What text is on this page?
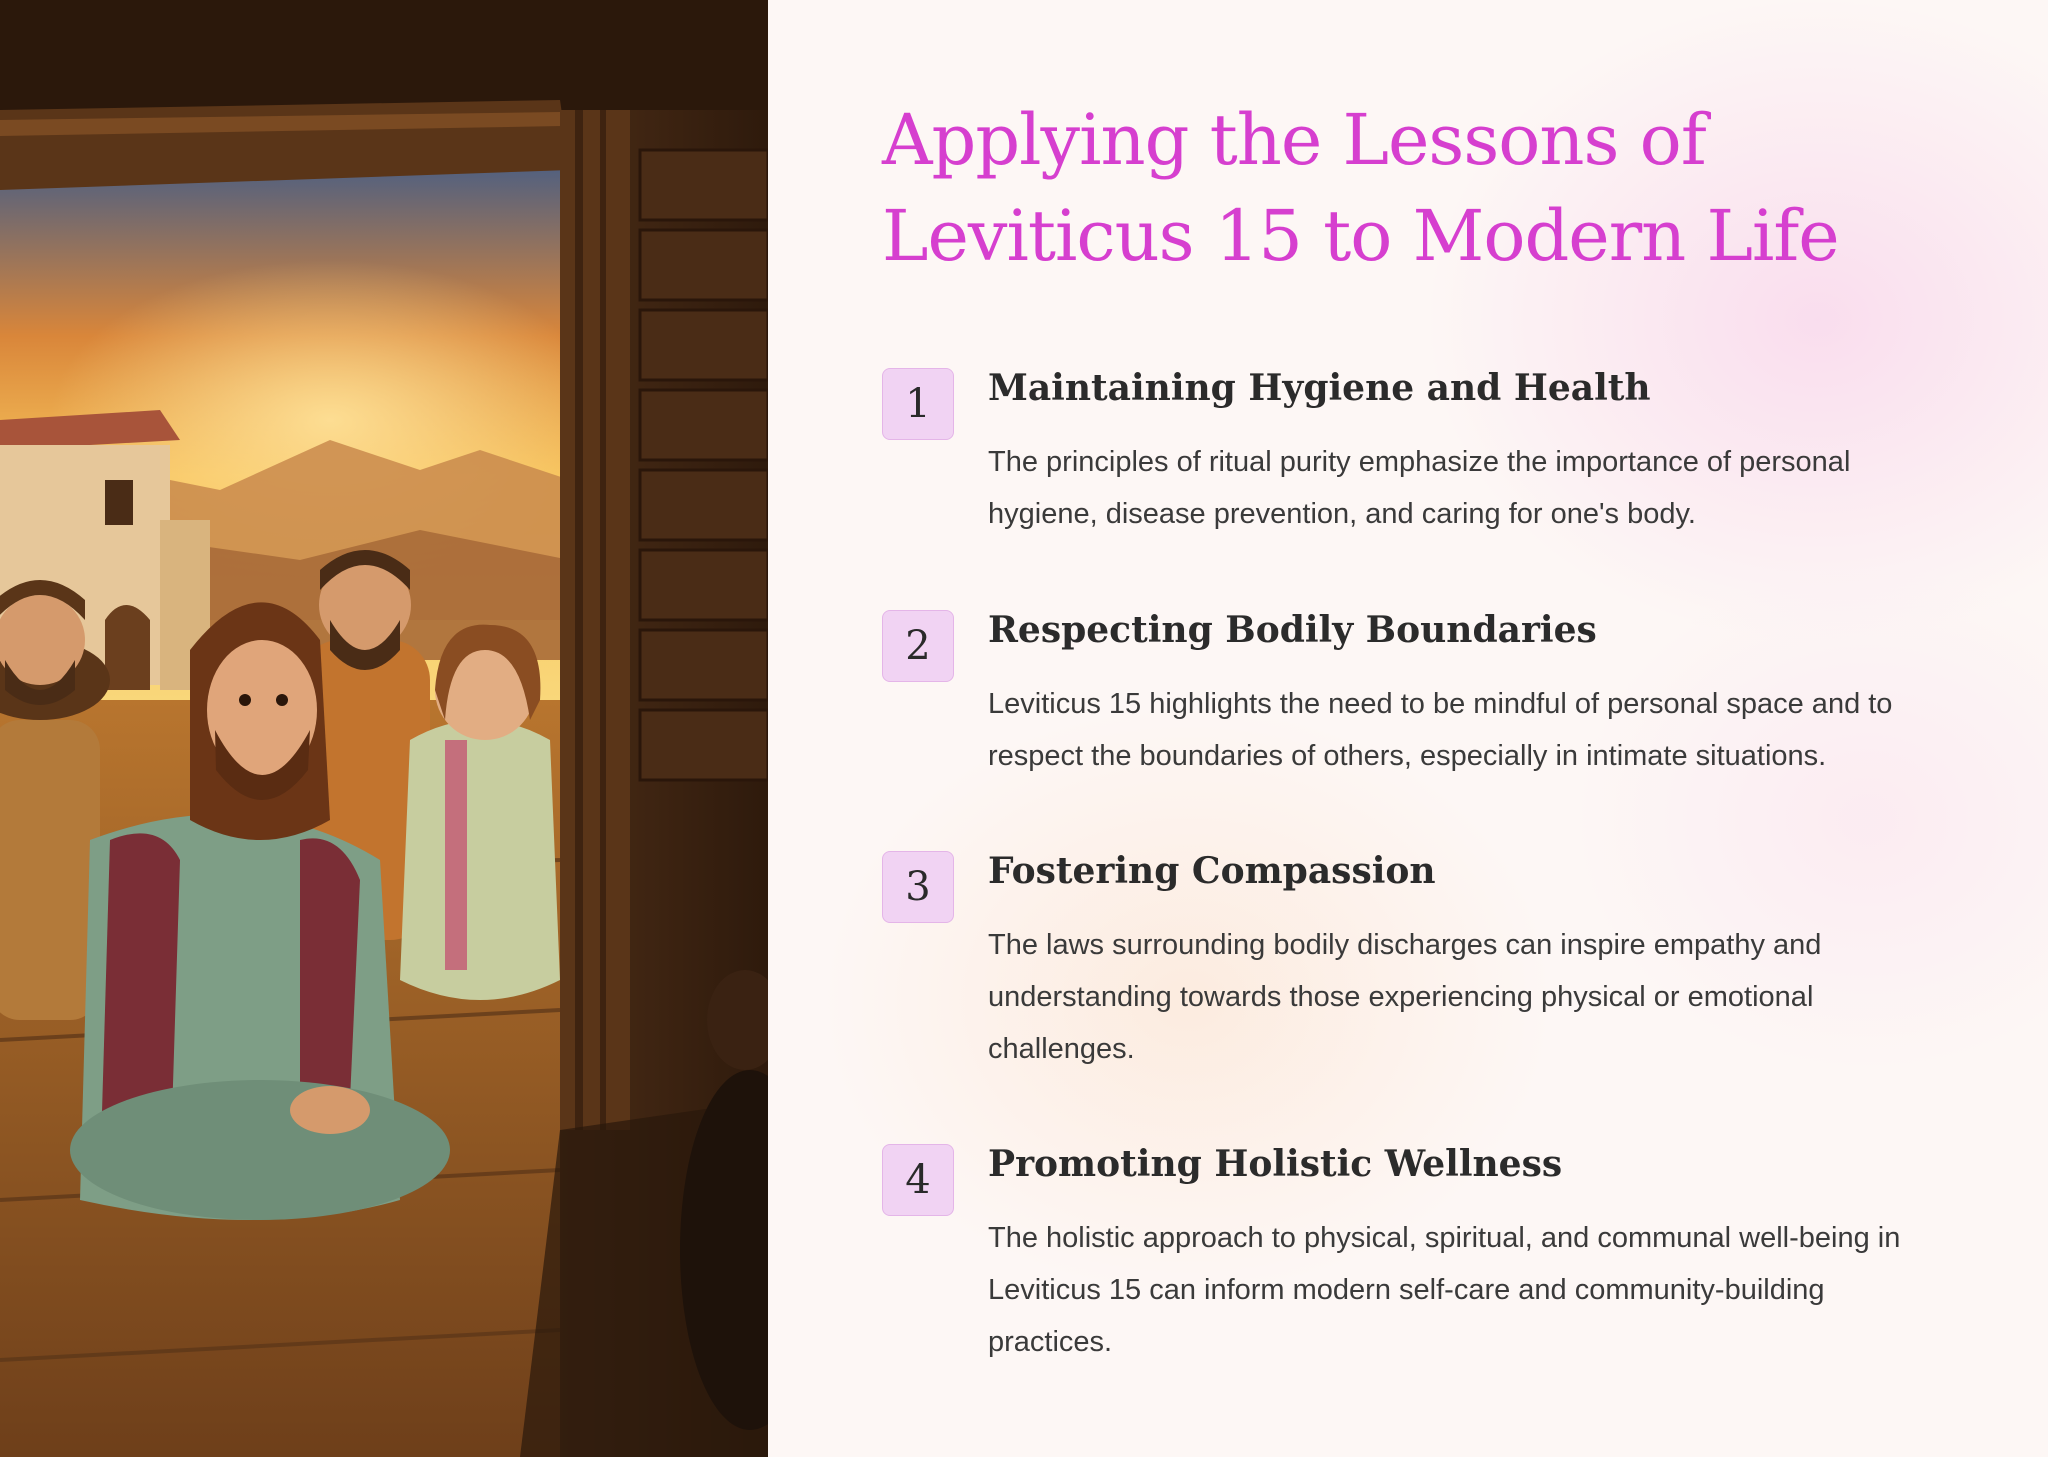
Applying the Lessons of Leviticus 15 to Modern Life
1	Maintaining Hygiene and Health

The principles of ritual purity emphasize the importance of personal hygiene, disease prevention, and caring for one's body.

2	Respecting Bodily Boundaries

Leviticus 15 highlights the need to be mindful of personal space and to respect the boundaries of others, especially in intimate situations.

3	Fostering Compassion

The laws surrounding bodily discharges can inspire empathy and understanding towards those experiencing physical or emotional challenges.

4	Promoting Holistic Wellness

The holistic approach to physical, spiritual, and communal well-being in Leviticus 15 can inform modern self-care and community-building practices.
